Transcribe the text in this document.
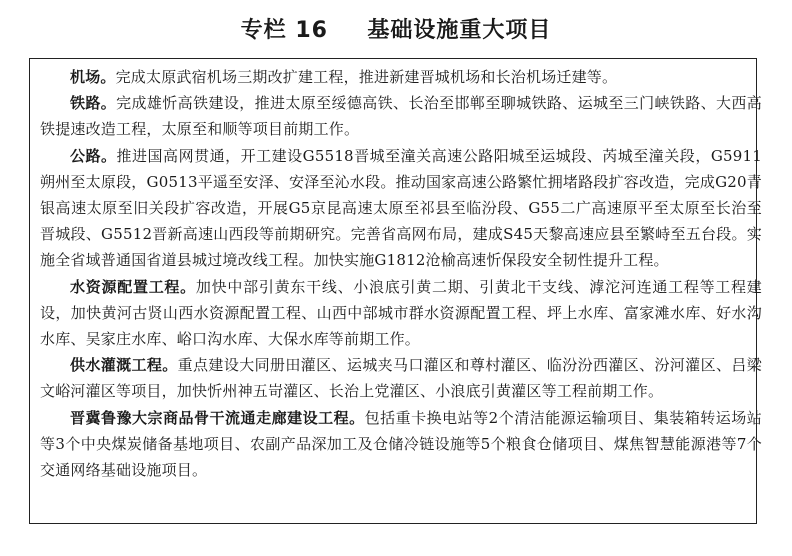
专栏 16 基础设施重大项目

机场。完成太原武宿机场三期改扩建工程，推进新建晋城机场和长治机场迁建等。

铁路。完成雄忻高铁建设，推进太原至绥德高铁、长治至邯郸至聊城铁路、运城至三门峡铁路、大西高铁提速改造工程，太原至和顺等项目前期工作。

公路。推进国高网贯通，开工建设G5518晋城至潼关高速公路阳城至运城段、芮城至潼关段，G5911朔州至太原段，G0513平遥至安泽、安泽至沁水段。推动国家高速公路繁忙拥堵路段扩容改造，完成G20青银高速太原至旧关段扩容改造，开展G5京昆高速太原至祁县至临汾段、G55二广高速原平至太原至长治至晋城段、G5512晋新高速山西段等前期研究。完善省高网布局，建成S45天黎高速应县至繁峙至五台段。实施全省域普通国省道县城过境改线工程。加快实施G1812沧榆高速忻保段安全韧性提升工程。

水资源配置工程。加快中部引黄东干线、小浪底引黄二期、引黄北干支线、滹沱河连通工程等工程建设，加快黄河古贤山西水资源配置工程、山西中部城市群水资源配置工程、坪上水库、富家滩水库、好水沟水库、吴家庄水库、峪口沟水库、大保水库等前期工作。

供水灌溉工程。重点建设大同册田灌区、运城夹马口灌区和尊村灌区、临汾汾西灌区、汾河灌区、吕梁文峪河灌区等项目，加快忻州神五岢灌区、长治上党灌区、小浪底引黄灌区等工程前期工作。

晋冀鲁豫大宗商品骨干流通走廊建设工程。包括重卡换电站等2个清洁能源运输项目、集装箱转运场站等3个中央煤炭储备基地项目、农副产品深加工及仓储冷链设施等5个粮食仓储项目、煤焦智慧能源港等7个交通网络基础设施项目。
